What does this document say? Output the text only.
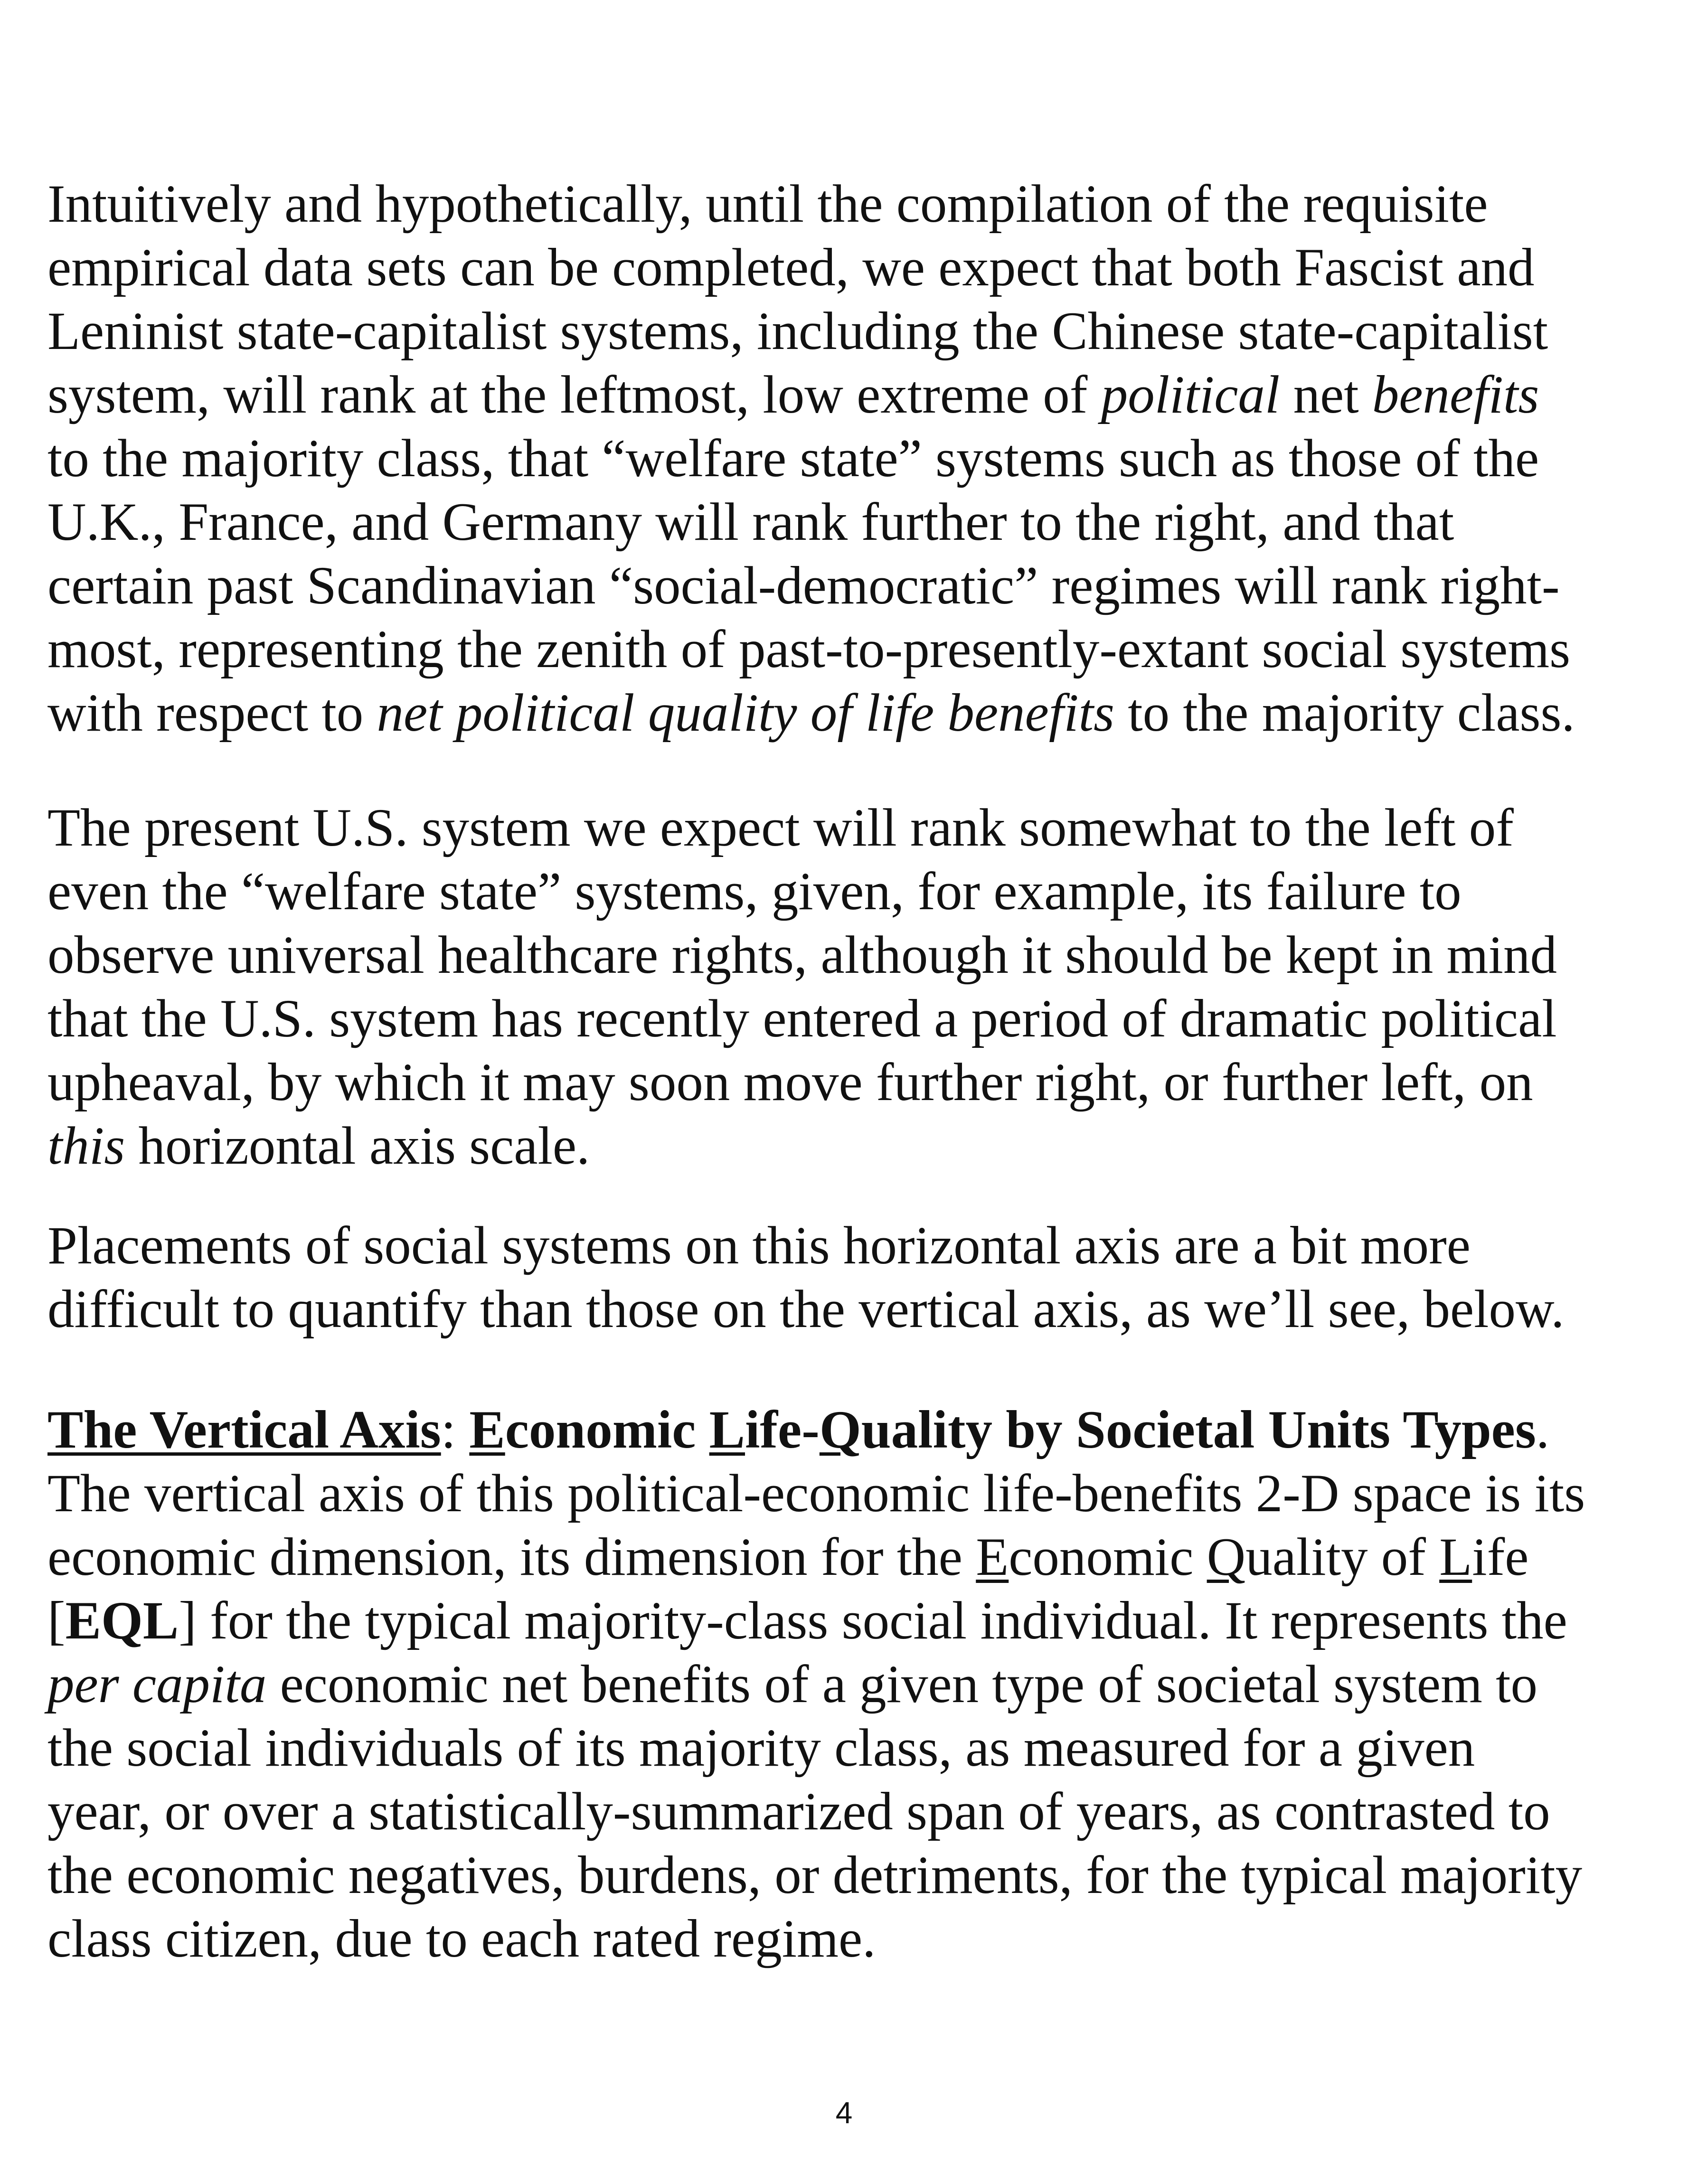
Intuitively and hypothetically, until the compilation of the requisite
empirical data sets can be completed, we expect that both Fascist and
Leninist state-capitalist systems, including the Chinese state-capitalist
system, will rank at the leftmost, low extreme of political net benefits
to the majority class, that “welfare state” systems such as those of the
U.K., France, and Germany will rank further to the right, and that
certain past Scandinavian “social-democratic” regimes will rank right-
most, representing the zenith of past-to-presently-extant social systems
with respect to net political quality of life benefits to the majority class.

The present U.S. system we expect will rank somewhat to the left of
even the “welfare state” systems, given, for example, its failure to
observe universal healthcare rights, although it should be kept in mind
that the U.S. system has recently entered a period of dramatic political
upheaval, by which it may soon move further right, or further left, on
this horizontal axis scale.

Placements of social systems on this horizontal axis are a bit more
difficult to quantify than those on the vertical axis, as we’ll see, below.

The Vertical Axis: Economic Life-Quality by Societal Units Types.
The vertical axis of this political-economic life-benefits 2-D space is its
economic dimension, its dimension for the Economic Quality of Life
[EQL] for the typical majority-class social individual. It represents the
per capita economic net benefits of a given type of societal system to
the social individuals of its majority class, as measured for a given
year, or over a statistically-summarized span of years, as contrasted to
the economic negatives, burdens, or detriments, for the typical majority
class citizen, due to each rated regime.

4
